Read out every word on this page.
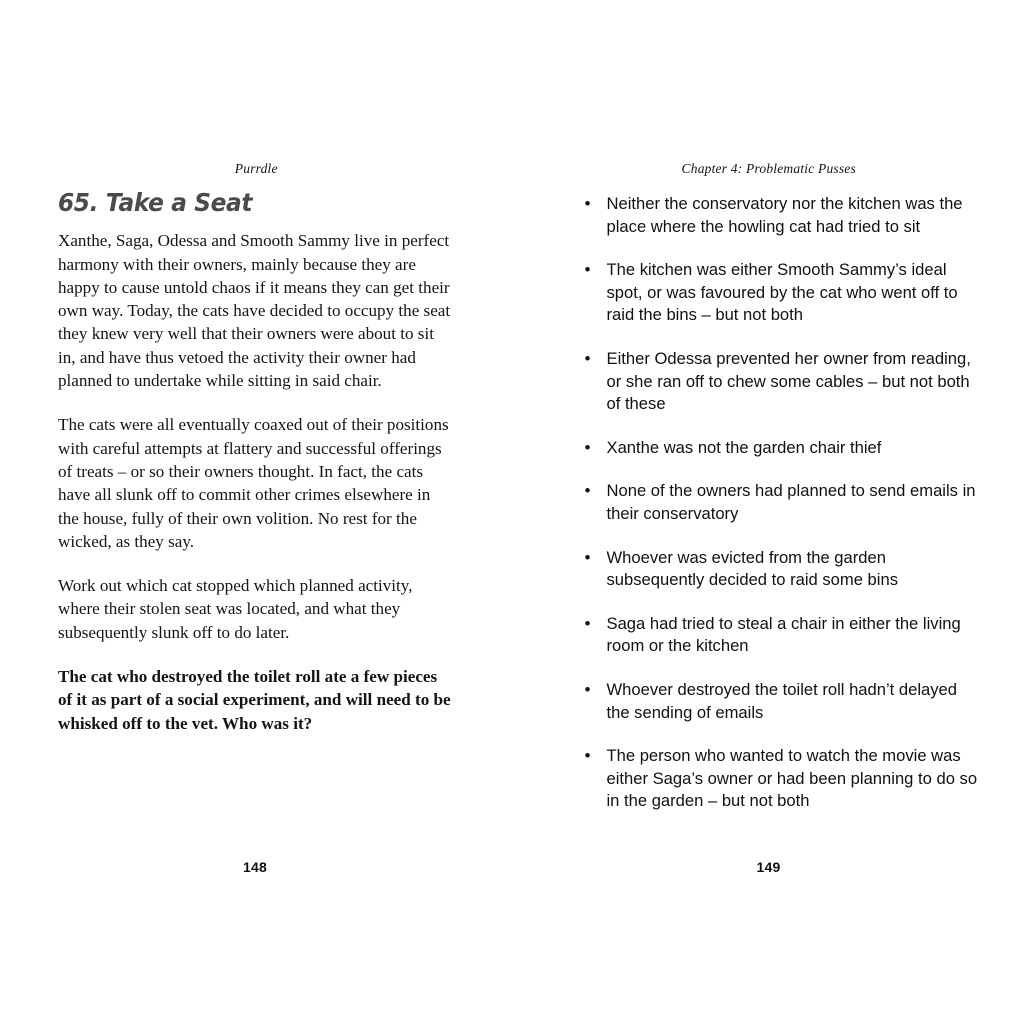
Purrdle
65. Take a Seat

Xanthe, Saga, Odessa and Smooth Sammy live in perfect harmony with their owners, mainly because they are happy to cause untold chaos if it means they can get their own way. Today, the cats have decided to occupy the seat they knew very well that their owners were about to sit in, and have thus vetoed the activity their owner had planned to undertake while sitting in said chair.

The cats were all eventually coaxed out of their positions with careful attempts at flattery and successful offerings of treats – or so their owners thought. In fact, the cats have all slunk off to commit other crimes elsewhere in the house, fully of their own volition. No rest for the wicked, as they say.

Work out which cat stopped which planned activity, where their stolen seat was located, and what they subsequently slunk off to do later.

The cat who destroyed the toilet roll ate a few pieces of it as part of a social experiment, and will need to be whisked off to the vet. Who was it?

148
Chapter 4: Problematic Pusses
• Neither the conservatory nor the kitchen was the place where the howling cat had tried to sit
• The kitchen was either Smooth Sammy’s ideal spot, or was favoured by the cat who went off to raid the bins – but not both
• Either Odessa prevented her owner from reading, or she ran off to chew some cables – but not both of these
• Xanthe was not the garden chair thief
• None of the owners had planned to send emails in their conservatory
• Whoever was evicted from the garden subsequently decided to raid some bins
• Saga had tried to steal a chair in either the living room or the kitchen
• Whoever destroyed the toilet roll hadn’t delayed the sending of emails
• The person who wanted to watch the movie was either Saga’s owner or had been planning to do so in the garden – but not both
149
